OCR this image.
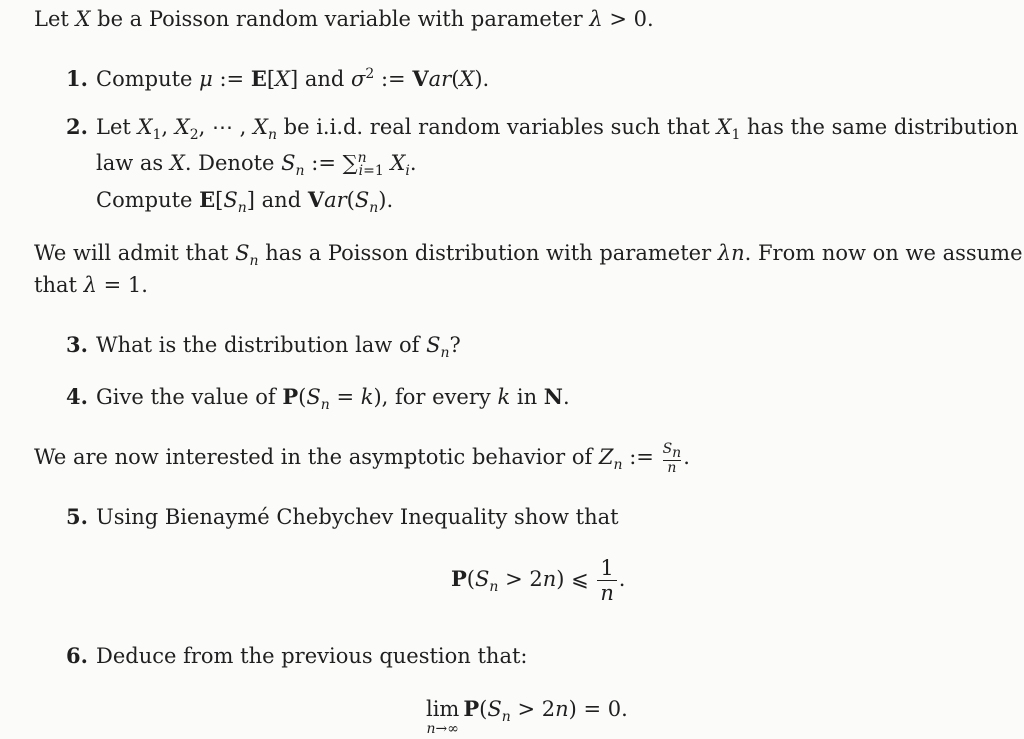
Let X be a Poisson random variable with parameter λ > 0.
1. Compute μ := E[X] and $\sigma^2$ := Var(X).
2. Let $X_1$, $X_2$, ⋯ , $X_n$ be i.i.d. real random variables such that $X_1$ has the same distribution
law as X. Denote $S_n$ := ∑$^n_{i=1}$ $X_i$.
Compute $E[S_n]$ and $Var(S_n)$.
We will admit that $S_n$ has a Poisson distribution with parameter λn. From now on we assume
that λ = 1.
3. What is the distribution law of $S_n$?
4. Give the value of $P(S_n = k)$, for every k in N.
We are now interested in the asymptotic behavior of $Z_n$ := $\frac{S_n}{n}$ .
5. Using Bienaymé Chebychev Inequality show that
$P(S_n > 2n)$ ⩽ $\frac{1}{n}$ .
6. Deduce from the previous question that:
lim
n→∞
$P(S_n > 2n) = 0$.
